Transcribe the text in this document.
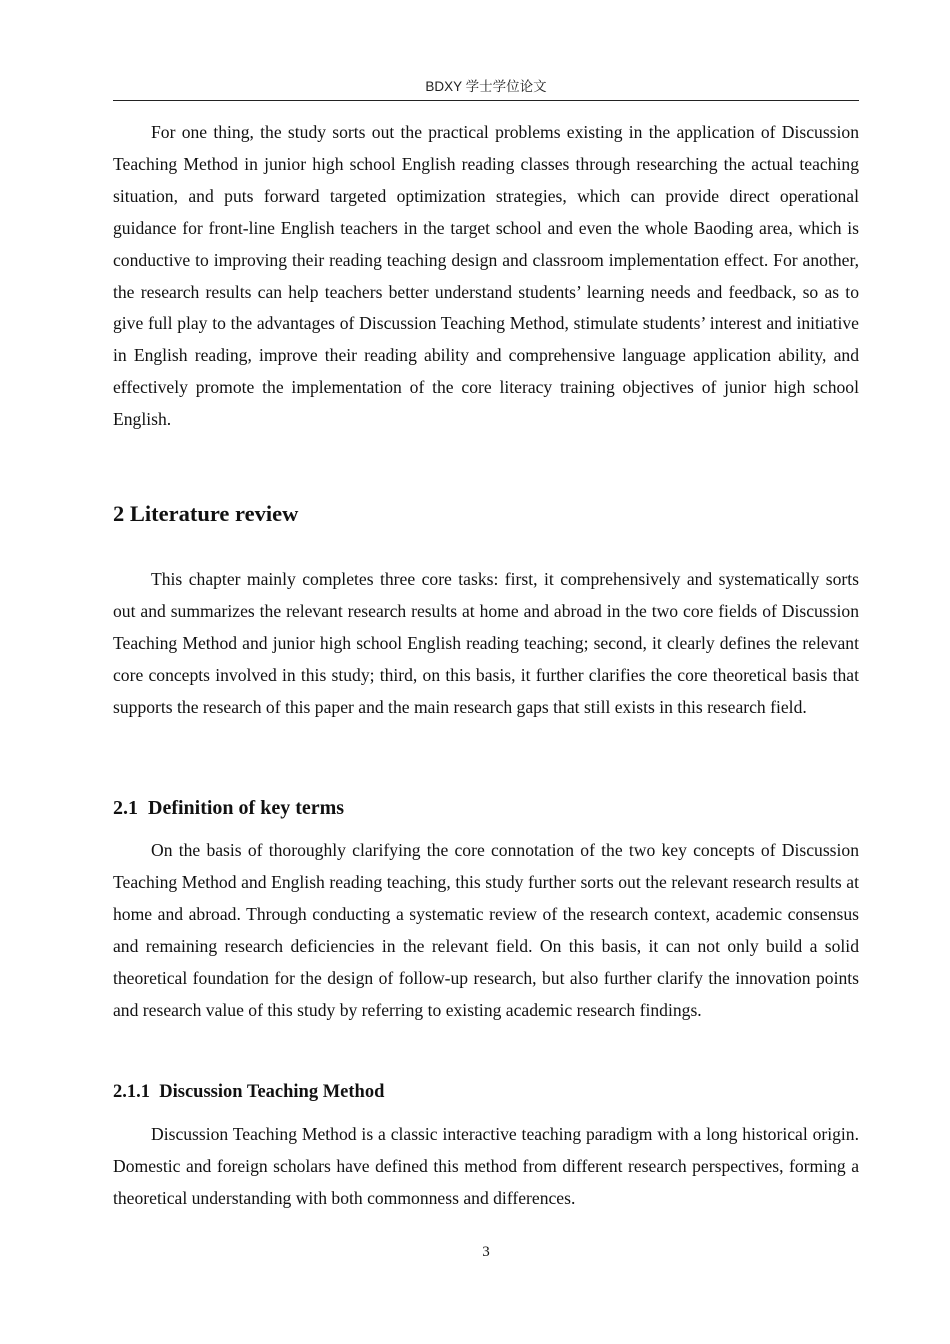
BDXY 学士学位论文

For one thing, the study sorts out the practical problems existing in the application of Discussion Teaching Method in junior high school English reading classes through researching the actual teaching situation, and puts forward targeted optimization strategies, which can provide direct operational guidance for front-line English teachers in the target school and even the whole Baoding area, which is conductive to improving their reading teaching design and classroom implementation effect. For another, the research results can help teachers better understand students’ learning needs and feedback, so as to give full play to the advantages of Discussion Teaching Method, stimulate students’ interest and initiative in English reading, improve their reading ability and comprehensive language application ability, and effectively promote the implementation of the core literacy training objectives of junior high school English.

2 Literature review

This chapter mainly completes three core tasks: first, it comprehensively and systematically sorts out and summarizes the relevant research results at home and abroad in the two core fields of Discussion Teaching Method and junior high school English reading teaching; second, it clearly defines the relevant core concepts involved in this study; third, on this basis, it further clarifies the core theoretical basis that supports the research of this paper and the main research gaps that still exists in this research field.

2.1  Definition of key terms

On the basis of thoroughly clarifying the core connotation of the two key concepts of Discussion Teaching Method and English reading teaching, this study further sorts out the relevant research results at home and abroad. Through conducting a systematic review of the research context, academic consensus and remaining research deficiencies in the relevant field. On this basis, it can not only build a solid theoretical foundation for the design of follow-up research, but also further clarify the innovation points and research value of this study by referring to existing academic research findings.

2.1.1  Discussion Teaching Method

Discussion Teaching Method is a classic interactive teaching paradigm with a long historical origin. Domestic and foreign scholars have defined this method from different research perspectives, forming a theoretical understanding with both commonness and differences.

3
